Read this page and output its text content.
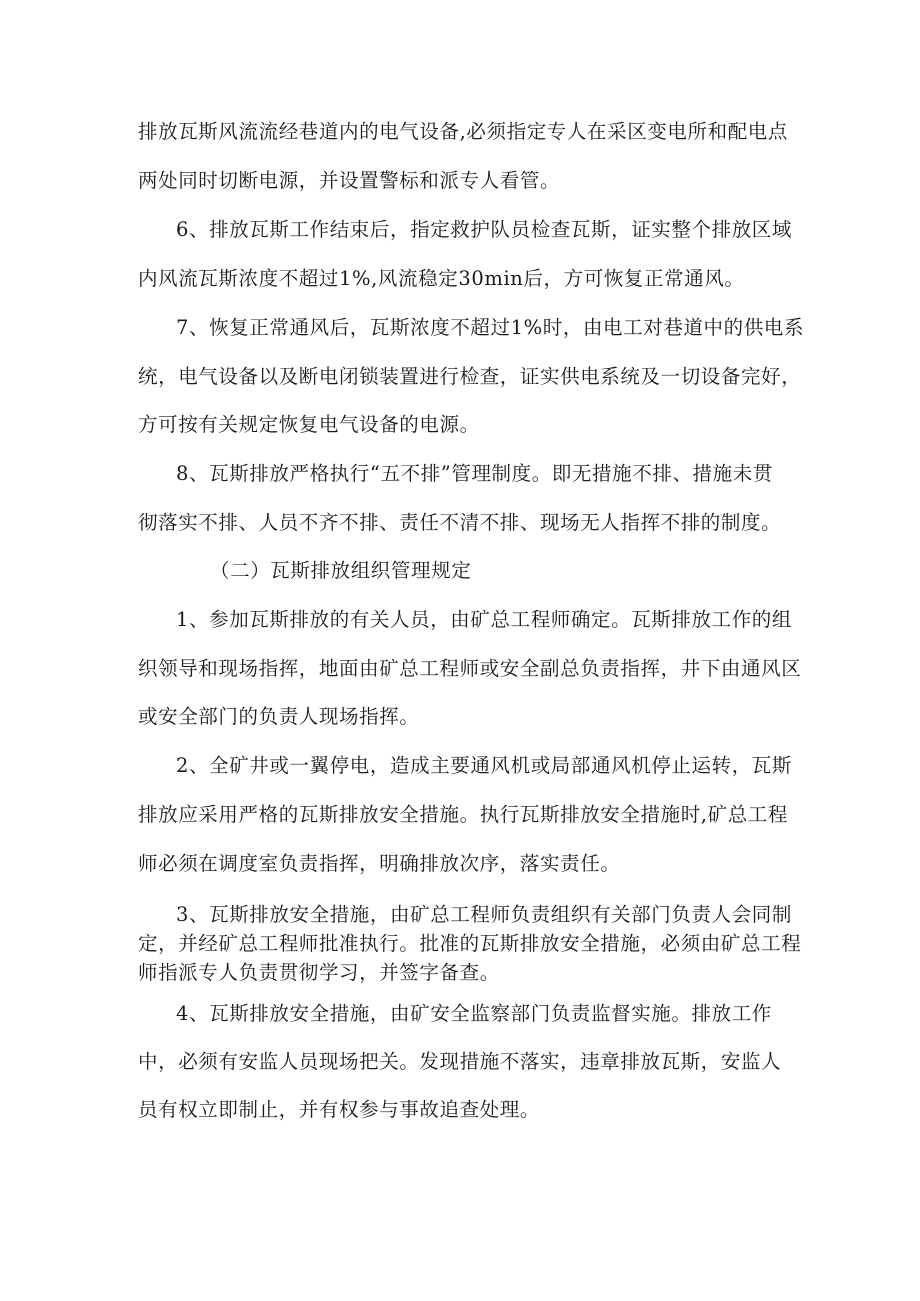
排放瓦斯风流流经巷道内的电气设备,必须指定专人在采区变电所和配电点
两处同时切断电源，并设置警标和派专人看管。
6、排放瓦斯工作结束后，指定救护队员检查瓦斯，证实整个排放区域
内风流瓦斯浓度不超过1%,风流稳定30min后，方可恢复正常通风。
7、恢复正常通风后，瓦斯浓度不超过1%时，由电工对巷道中的供电系
统，电气设备以及断电闭锁装置进行检查，证实供电系统及一切设备完好，
方可按有关规定恢复电气设备的电源。
8、瓦斯排放严格执行“五不排”管理制度。即无措施不排、措施未贯
彻落实不排、人员不齐不排、责任不清不排、现场无人指挥不排的制度。
（二）瓦斯排放组织管理规定
1、参加瓦斯排放的有关人员，由矿总工程师确定。瓦斯排放工作的组
织领导和现场指挥，地面由矿总工程师或安全副总负责指挥，井下由通风区
或安全部门的负责人现场指挥。
2、全矿井或一翼停电，造成主要通风机或局部通风机停止运转，瓦斯
排放应采用严格的瓦斯排放安全措施。执行瓦斯排放安全措施时,矿总工程
师必须在调度室负责指挥，明确排放次序，落实责任。
3、瓦斯排放安全措施，由矿总工程师负责组织有关部门负责人会同制
定，并经矿总工程师批准执行。批准的瓦斯排放安全措施，必须由矿总工程
师指派专人负责贯彻学习，并签字备查。
4、瓦斯排放安全措施，由矿安全监察部门负责监督实施。排放工作
中，必须有安监人员现场把关。发现措施不落实，违章排放瓦斯，安监人
员有权立即制止，并有权参与事故追查处理。
